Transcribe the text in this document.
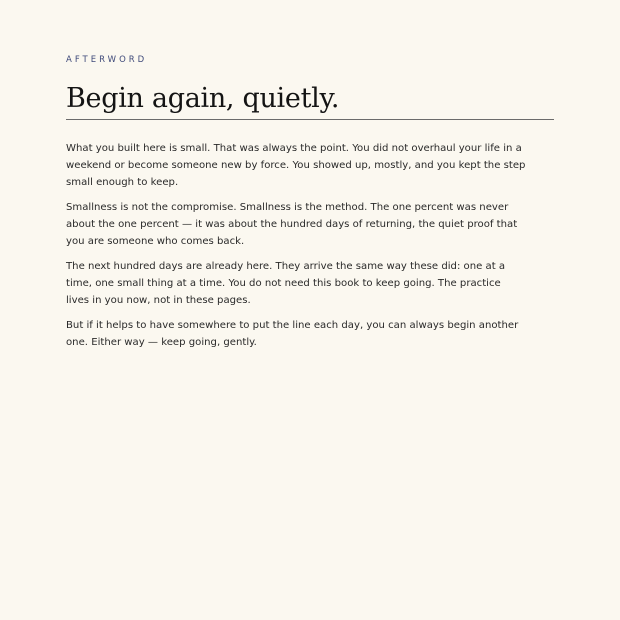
AFTERWORD

Begin again, quietly.

What you built here is small. That was always the point. You did not overhaul your life in a weekend or become someone new by force. You showed up, mostly, and you kept the step small enough to keep.

Smallness is not the compromise. Smallness is the method. The one percent was never about the one percent — it was about the hundred days of returning, the quiet proof that you are someone who comes back.

The next hundred days are already here. They arrive the same way these did: one at a time, one small thing at a time. You do not need this book to keep going. The practice lives in you now, not in these pages.

But if it helps to have somewhere to put the line each day, you can always begin another one. Either way — keep going, gently.
